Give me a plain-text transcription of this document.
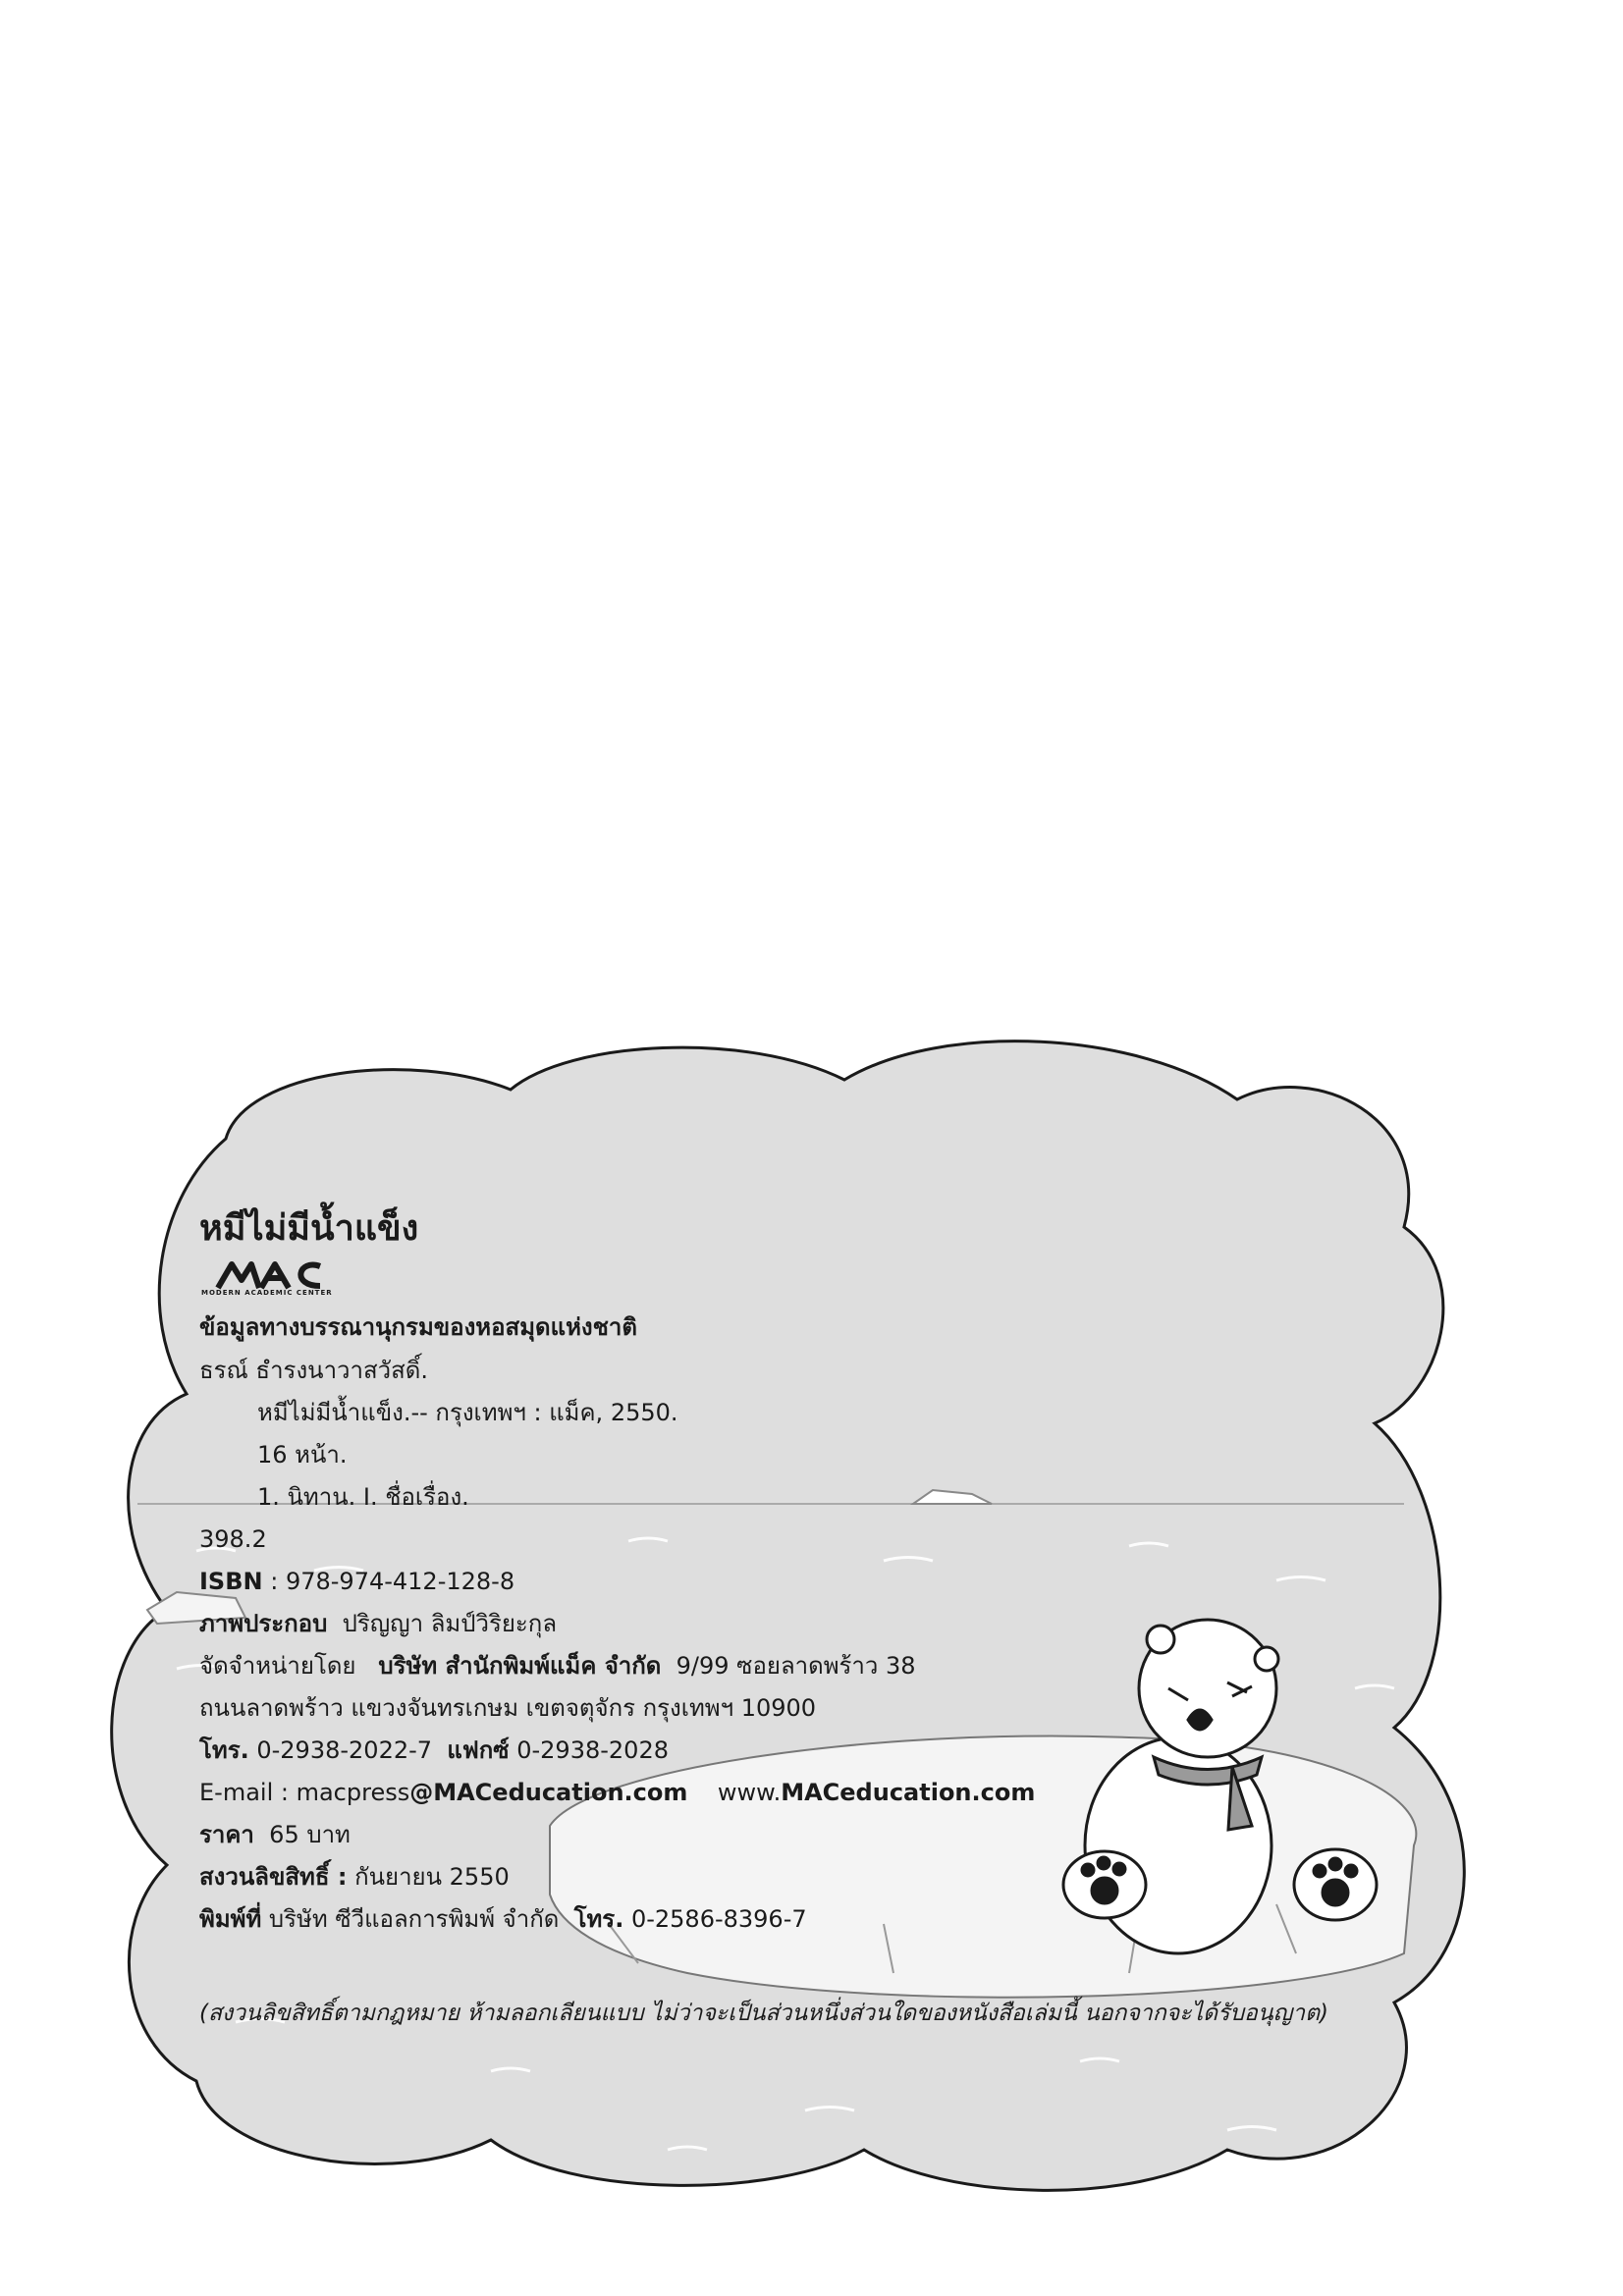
หมีไม่มีน้ำแข็ง
MODERN ACADEMIC CENTER
ข้อมูลทางบรรณานุกรมของหอสมุดแห่งชาติ
ธรณ์ ธำรงนาวาสวัสดิ์.
หมีไม่มีน้ำแข็ง.-- กรุงเทพฯ : แม็ค, 2550.
16 หน้า.
1. นิทาน. I. ชื่อเรื่อง.
398.2
ISBN : 978-974-412-128-8
ภาพประกอบ ปริญญา ลิมป์วิริยะกุล
จัดจำหน่ายโดย บริษัท สำนักพิมพ์แม็ค จำกัด 9/99 ซอยลาดพร้าว 38
ถนนลาดพร้าว แขวงจันทรเกษม เขตจตุจักร กรุงเทพฯ 10900
โทร. 0-2938-2022-7 แฟกซ์ 0-2938-2028
E-mail : macpress@MACeducation.com www.MACeducation.com
ราคา 65 บาท
สงวนลิขสิทธิ์ : กันยายน 2550
พิมพ์ที่ บริษัท ซีวีแอลการพิมพ์ จำกัด โทร. 0-2586-8396-7
(สงวนลิขสิทธิ์ตามกฎหมาย ห้ามลอกเลียนแบบ ไม่ว่าจะเป็นส่วนหนึ่งส่วนใดของหนังสือเล่มนี้ นอกจากจะได้รับอนุญาต)
